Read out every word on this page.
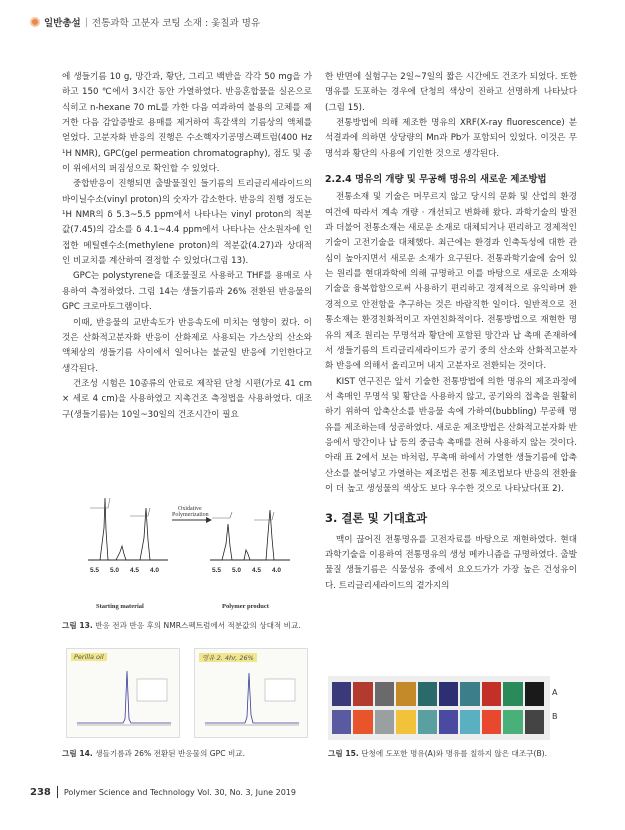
일반총설 | 전통과학 고분자 코팅 소재 : 옻칠과 명유

에 생들기름 10 g, 망간과, 황단, 그리고 백반을 각각 50 mg을 가하고 150 ℃에서 3시간 동안 가열하였다. 반응혼합물을 실온으로 식히고 n-hexane 70 mL를 가한 다음 여과하여 불용의 고체를 제거한 다음 감압증발로 용매를 제거하여 흑갈색의 기름상의 액체를 얻었다. 고분자화 반응의 진행은 수소핵자기공명스펙트럼(400 Hz ¹H NMR), GPC(gel permeation chromatography), 점도 및 종이 위에서의 퍼짐성으로 확인할 수 있었다.

중합반응이 진행되면 출발물질인 들기름의 트리글리세라이드의 바이닐수소(vinyl proton)의 숫자가 감소한다. 반응의 진행 정도는 ¹H NMR의 δ 5.3~5.5 ppm에서 나타나는 vinyl proton의 적분값(7.45)의 감소를 δ 4.1~4.4 ppm에서 나타나는 산소원자에 인접한 메틸렌수소(methylene proton)의 적분값(4.27)과 상대적인 비교치를 계산하여 결정할 수 있었다(그림 13).

GPC는 polystyrene을 대조물질로 사용하고 THF를 용매로 사용하여 측정하였다. 그림 14는 생들기름과 26% 전환된 반응물의 GPC 크로마토그램이다.

이때, 반응물의 교반속도가 반응속도에 미치는 영향이 컸다. 이것은 산화적고분자화 반응이 산화제로 사용되는 가스상의 산소와 액체상의 생들기름 사이에서 일어나는 불균일 반응에 기인한다고 생각된다.

건조성 시험은 10종류의 안료로 제작된 단청 시편(가로 41 cm × 세로 4 cm)을 사용하였고 지촉건조 측정법을 사용하였다. 대조구(생들기름)는 10일~30일의 건조시간이 필요

한 반면에 실험구는 2일~7일의 짧은 시간에도 건조가 되었다. 또한 명유를 도포하는 경우에 단청의 색상이 진하고 선명하게 나타났다(그림 15).

전통방법에 의해 제조한 명유의 XRF(X-ray fluorescence) 분석결과에 의하면 상당량의 Mn과 Pb가 포함되어 있었다. 이것은 무명석과 황단의 사용에 기인한 것으로 생각된다.

2.2.4 명유의 개량 및 무공해 명유의 새로운 제조방법

전통소재 및 기술은 머무르지 않고 당시의 문화 및 산업의 환경 여건에 따라서 계속 개량 · 개선되고 변화해 왔다. 과학기술의 발전과 더불어 전통소재는 새로운 소재로 대체되거나 편리하고 경제적인 기술이 고전기술을 대체했다. 최근에는 환경과 인축독성에 대한 관심이 높아지면서 새로운 소재가 요구된다. 전통과학기술에 숨어 있는 원리를 현대과학에 의해 규명하고 이를 바탕으로 새로운 소재와 기술을 융복합함으로써 사용하기 편리하고 경제적으로 유익하며 환경적으로 안전함을 추구하는 것은 바람직한 일이다. 일반적으로 전통소재는 환경친화적이고 자연친화적이다. 전통방법으로 재현한 명유의 제조 원리는 무명석과 황단에 포함된 망간과 납 촉매 존재하에서 생들기름의 트리글리세라이드가 공기 중의 산소와 산화적고분자화 반응에 의해서 올리고머 내지 고분자로 전환되는 것이다.

KIST 연구진은 앞서 기술한 전통방법에 의한 명유의 제조과정에서 촉매인 무명석 및 황단을 사용하지 않고, 공기와의 접촉을 원활히 하기 위하여 압축산소를 반응물 속에 가하여(bubbling) 무공해 명유를 제조하는데 성공하였다. 새로운 제조방법은 산화적고분자화 반응에서 망간이나 납 등의 중금속 촉매를 전혀 사용하지 않는 것이다. 아래 표 2에서 보는 바처럼, 무촉매 하에서 가열한 생들기름에 압축산소를 불어넣고 가열하는 제조법은 전통 제조법보다 반응의 전환율이 더 높고 생성물의 색상도 보다 우수한 것으로 나타났다(표 2).

3. 결론 및 기대효과

맥이 끊어진 전통명유를 고전자료를 바탕으로 재현하였다. 현대과학기술을 이용하여 전통명유의 생성 메카니즘을 규명하였다. 출발물질 생들기름은 식물성유 중에서 요오드가가 가장 높은 건성유이다. 트리글리세라이드의 곁가지의

Oxidative
Polymerization
5.5 5.0 4.5 4.0	5.5 5.0 4.5 4.0
Starting material	Polymer product
그림 13. 반응 전과 반응 후의 NMR스펙트럼에서 적분값의 상대적 비교.
Perilla oil	명유 2. 4hr, 26%
그림 14. 생들기름과 26% 전환된 반응물의 GPC 비교.
A
B
그림 15. 단청에 도포한 명유(A)와 명유를 칠하지 않은 대조구(B).
238 Polymer Science and Technology Vol. 30, No. 3, June 2019
